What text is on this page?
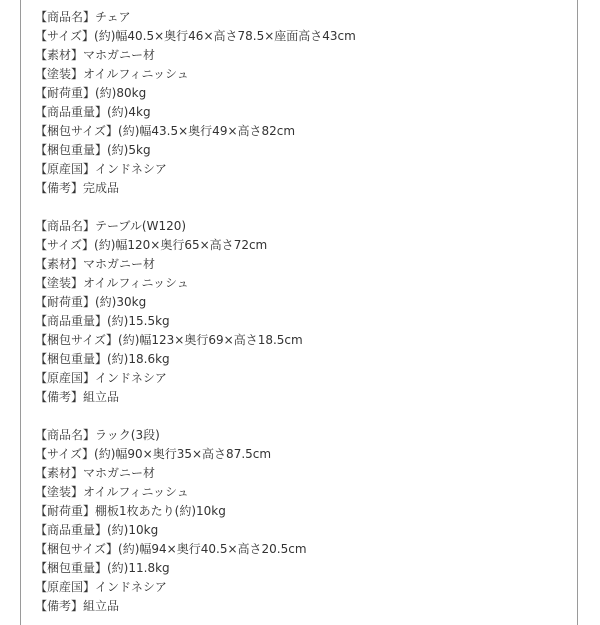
【商品名】チェア
【サイズ】(約)幅40.5×奥行46×高さ78.5×座面高さ43cm
【素材】マホガニー材
【塗装】オイルフィニッシュ
【耐荷重】(約)80kg
【商品重量】(約)4kg
【梱包サイズ】(約)幅43.5×奥行49×高さ82cm
【梱包重量】(約)5kg
【原産国】インドネシア
【備考】完成品
【商品名】テーブル(W120)
【サイズ】(約)幅120×奥行65×高さ72cm
【素材】マホガニー材
【塗装】オイルフィニッシュ
【耐荷重】(約)30kg
【商品重量】(約)15.5kg
【梱包サイズ】(約)幅123×奥行69×高さ18.5cm
【梱包重量】(約)18.6kg
【原産国】インドネシア
【備考】組立品
【商品名】ラック(3段)
【サイズ】(約)幅90×奥行35×高さ87.5cm
【素材】マホガニー材
【塗装】オイルフィニッシュ
【耐荷重】棚板1枚あたり(約)10kg
【商品重量】(約)10kg
【梱包サイズ】(約)幅94×奥行40.5×高さ20.5cm
【梱包重量】(約)11.8kg
【原産国】インドネシア
【備考】組立品
